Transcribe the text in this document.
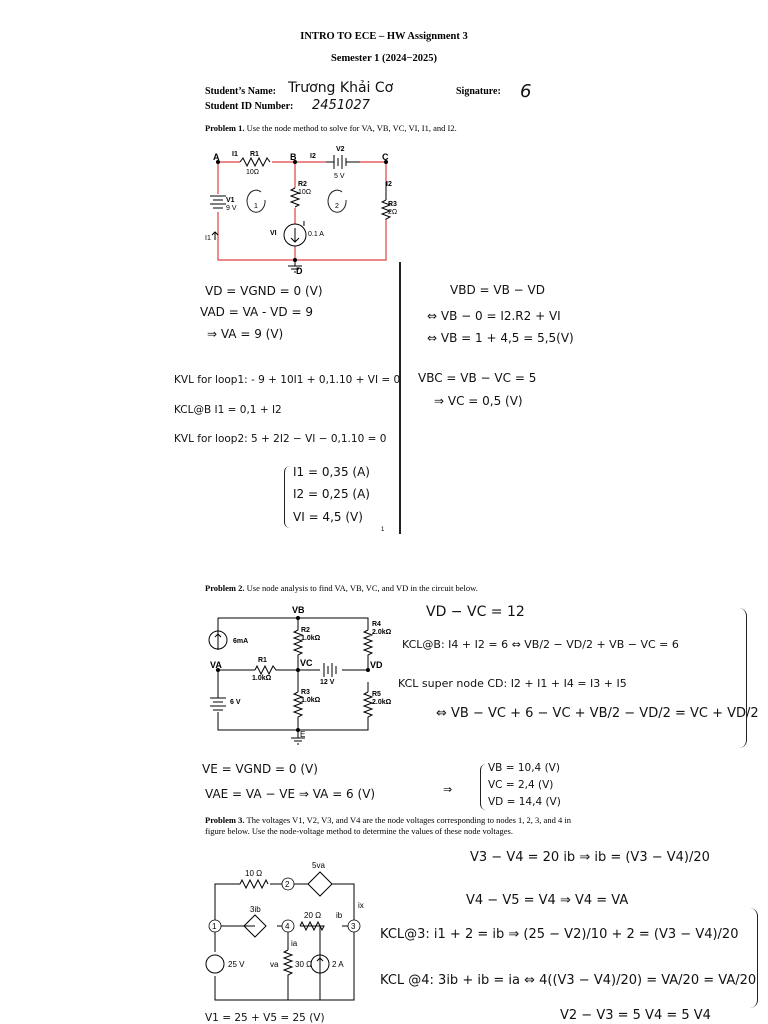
INTRO TO ECE – HW Assignment 3
Semester 1 (2024−2025)
Student’s Name: Trương Khải Cơ
Student ID Number: 2451027
Signature: 6
Problem 1. Use the node method to solve for VA, VB, VC, VI, I1, and I2.
A	B	C
D
R1
10Ω
V2
5 V
R2
10Ω
V1
9 V
R3
2Ω
I
0.1 A
VI
I1	I2
I2
I1
1	2
VD = VGND = 0 (V)
VAD = VA - VD = 9
⇒ VA = 9 (V)
KVL for loop1: - 9 + 10I1 + 0,1.10 + VI = 0
KCL@B I1 = 0,1 + I2
KVL for loop2: 5 + 2I2 − VI − 0,1.10 = 0
I1 = 0,35 (A)
I2 = 0,25 (A)
VI = 4,5 (V)
1
VBD = VB − VD
⇔ VB − 0 = I2.R2 + VI
⇔ VB = 1 + 4,5 = 5,5(V)
VBC = VB − VC = 5
⇒ VC = 0,5 (V)
Problem 2. Use node analysis to find VA, VB, VC, and VD in the circuit below.
VB
VA	VC	VD
E
6mA
6 V
12 V
R1
1.0kΩ
R2
1.0kΩ
R3
1.0kΩ
R4
2.0kΩ
R5
2.0kΩ
VD − VC = 12
KCL@B: I4 + I2 = 6 ⇔ VB/2 − VD/2 + VB − VC = 6
KCL super node CD: I2 + I1 + I4 = I3 + I5
⇔ VB − VC + 6 − VC + VB/2 − VD/2 = VC + VD/2
VE = VGND = 0 (V)
VAE = VA − VE ⇒ VA = 6 (V)	⇒
VB = 10,4 (V)
VC = 2,4 (V)
VD = 14,4 (V)
Problem 3. The voltages V1, V2, V3, and V4 are the node voltages corresponding to nodes 1, 2, 3, and 4 in figure below. Use the node-voltage method to determine the values of these node voltages.
2
1	4	3
10 Ω
5va
3ib
20 Ω ib
ix
ia
25 V	va 30 Ω 2 A
V3 − V4 = 20 ib ⇒ ib = (V3 − V4)/20
V4 − V5 = V4 ⇒ V4 = VA
KCL@3: i1 + 2 = ib ⇒ (25 − V2)/10 + 2 = (V3 − V4)/20
KCL @4: 3ib + ib = ia ⇔ 4((V3 − V4)/20) = VA/20 = VA/20
V1 = 25 + V5 = 25 (V)	V2 − V3 = 5 V4 = 5 V4
